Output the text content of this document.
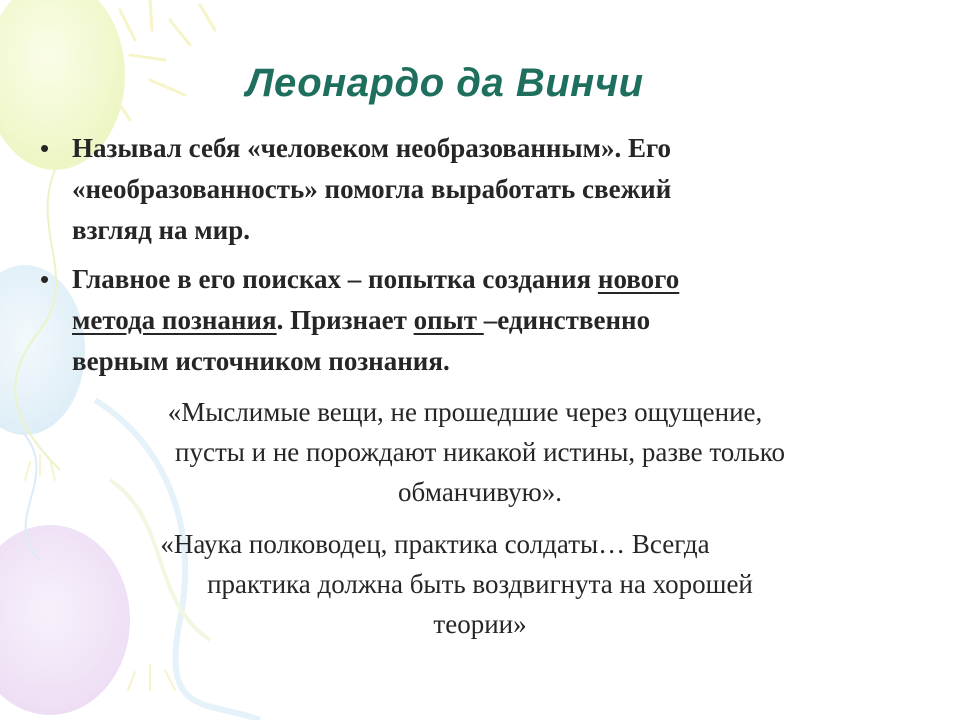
Леонардо да Винчи
• Называл себя «человеком необразованным». Его
«необразованность» помогла выработать свежий
взгляд на мир.

• Главное в его поисках – попытка создания нового
метода познания. Признает опыт –единственно
верным источником познания.

«Мыслимые вещи, не прошедшие через ощущение,
пусты и не порождают никакой истины, разве только
обманчивую».

«Наука полководец, практика солдаты… Всегда
практика должна быть воздвигнута на хорошей
теории»
